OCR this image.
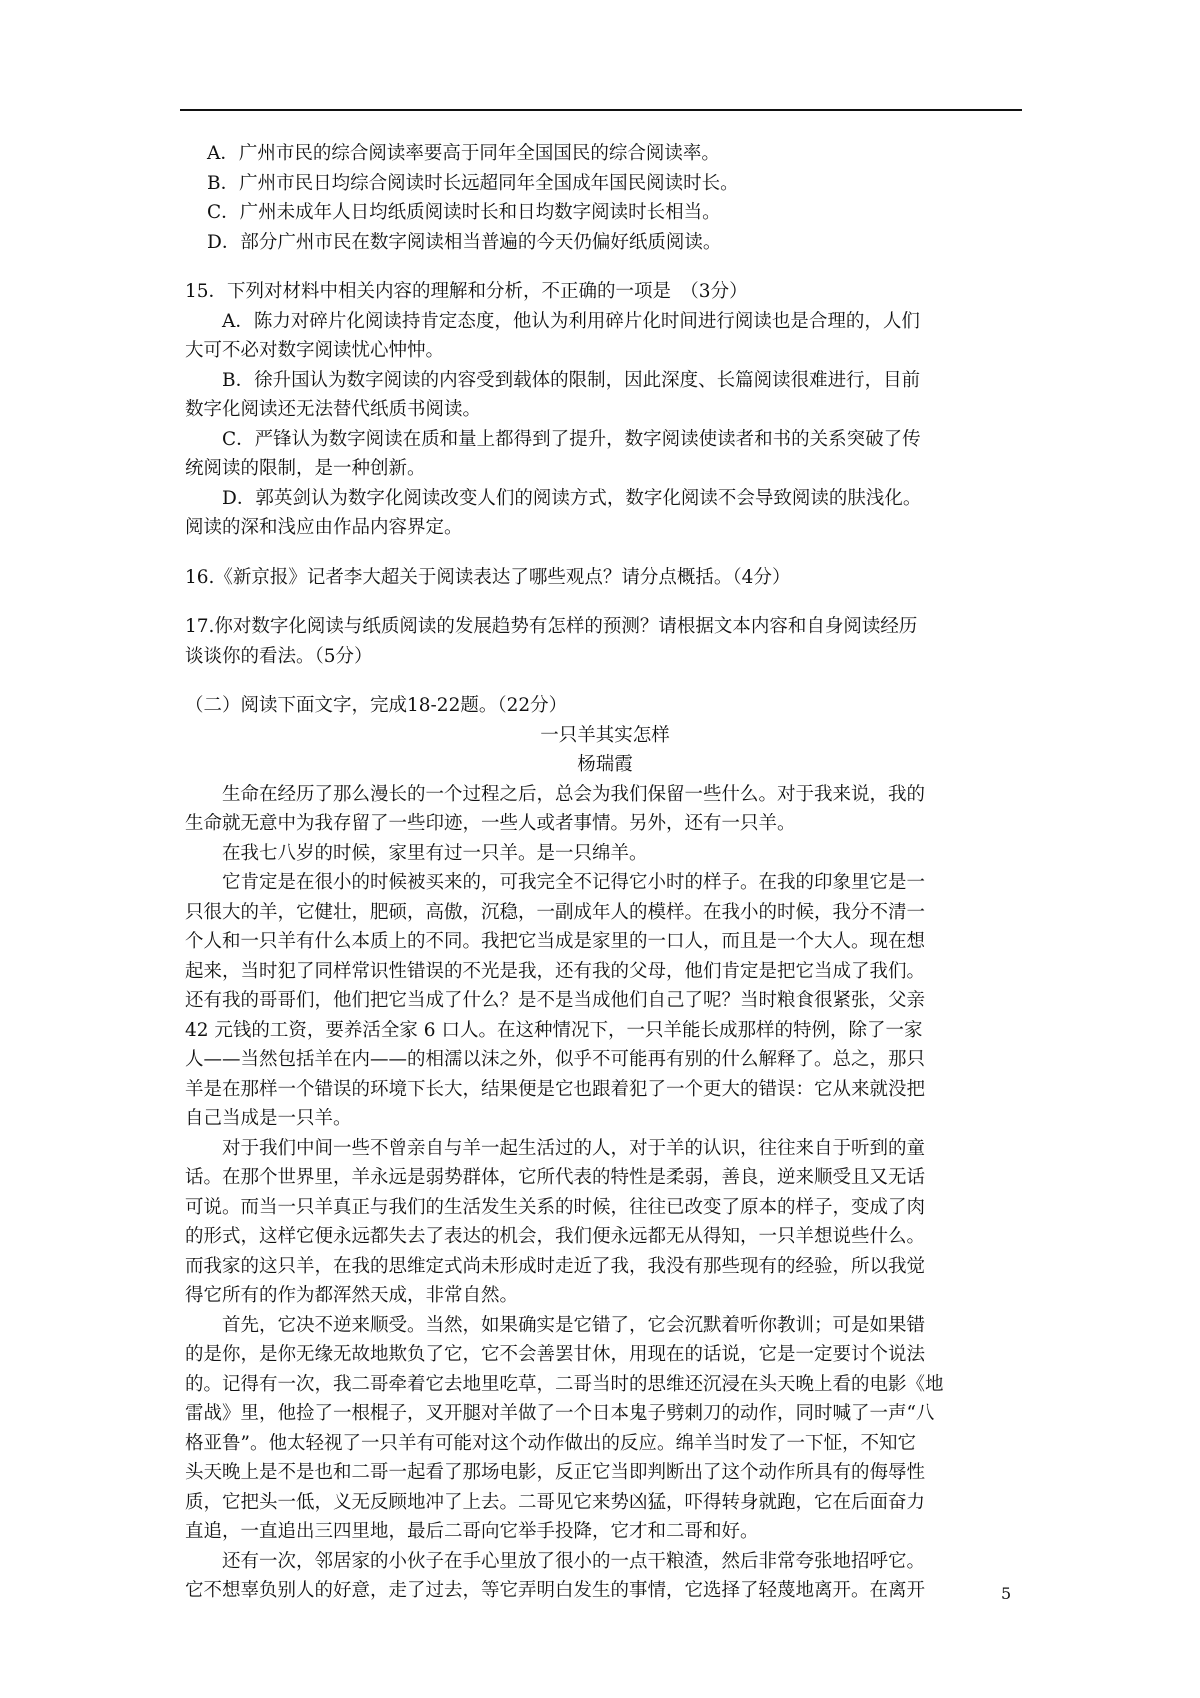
A．广州市民的综合阅读率要高于同年全国国民的综合阅读率。
B．广州市民日均综合阅读时长远超同年全国成年国民阅读时长。
C．广州未成年人日均纸质阅读时长和日均数字阅读时长相当。
D．部分广州市民在数字阅读相当普遍的今天仍偏好纸质阅读。
15．下列对材料中相关内容的理解和分析，不正确的一项是　（3分）
A．陈力对碎片化阅读持肯定态度，他认为利用碎片化时间进行阅读也是合理的，人们
大可不必对数字阅读忧心忡忡。
B．徐升国认为数字阅读的内容受到载体的限制，因此深度、长篇阅读很难进行，目前
数字化阅读还无法替代纸质书阅读。
C．严锋认为数字阅读在质和量上都得到了提升，数字阅读使读者和书的关系突破了传
统阅读的限制，是一种创新。
D．郭英剑认为数字化阅读改变人们的阅读方式，数字化阅读不会导致阅读的肤浅化。
阅读的深和浅应由作品内容界定。
16.《新京报》记者李大超关于阅读表达了哪些观点？请分点概括。（4分）
17.你对数字化阅读与纸质阅读的发展趋势有怎样的预测？请根据文本内容和自身阅读经历
谈谈你的看法。（5分）
（二）阅读下面文字，完成18-22题。（22分）
一只羊其实怎样
杨瑞霞
生命在经历了那么漫长的一个过程之后，总会为我们保留一些什么。对于我来说，我的
生命就无意中为我存留了一些印迹，一些人或者事情。另外，还有一只羊。
在我七八岁的时候，家里有过一只羊。是一只绵羊。
它肯定是在很小的时候被买来的，可我完全不记得它小时的样子。在我的印象里它是一
只很大的羊，它健壮，肥硕，高傲，沉稳，一副成年人的模样。在我小的时候，我分不清一
个人和一只羊有什么本质上的不同。我把它当成是家里的一口人，而且是一个大人。现在想
起来，当时犯了同样常识性错误的不光是我，还有我的父母，他们肯定是把它当成了我们。
还有我的哥哥们，他们把它当成了什么？是不是当成他们自己了呢？当时粮食很紧张，父亲
42 元钱的工资，要养活全家 6 口人。在这种情况下，一只羊能长成那样的特例，除了一家
人——当然包括羊在内——的相濡以沫之外，似乎不可能再有别的什么解释了。总之，那只
羊是在那样一个错误的环境下长大，结果便是它也跟着犯了一个更大的错误：它从来就没把
自己当成是一只羊。
对于我们中间一些不曾亲自与羊一起生活过的人，对于羊的认识，往往来自于听到的童
话。在那个世界里，羊永远是弱势群体，它所代表的特性是柔弱，善良，逆来顺受且又无话
可说。而当一只羊真正与我们的生活发生关系的时候，往往已改变了原本的样子，变成了肉
的形式，这样它便永远都失去了表达的机会，我们便永远都无从得知，一只羊想说些什么。
而我家的这只羊，在我的思维定式尚未形成时走近了我，我没有那些现有的经验，所以我觉
得它所有的作为都浑然天成，非常自然。
首先，它决不逆来顺受。当然，如果确实是它错了，它会沉默着听你教训；可是如果错
的是你，是你无缘无故地欺负了它，它不会善罢甘休，用现在的话说，它是一定要讨个说法
的。记得有一次，我二哥牵着它去地里吃草，二哥当时的思维还沉浸在头天晚上看的电影《地
雷战》里，他捡了一根棍子，叉开腿对羊做了一个日本鬼子劈刺刀的动作，同时喊了一声“八
格亚鲁”。他太轻视了一只羊有可能对这个动作做出的反应。绵羊当时发了一下怔，不知它
头天晚上是不是也和二哥一起看了那场电影，反正它当即判断出了这个动作所具有的侮辱性
质，它把头一低，义无反顾地冲了上去。二哥见它来势凶猛，吓得转身就跑，它在后面奋力
直追，一直追出三四里地，最后二哥向它举手投降，它才和二哥和好。
还有一次，邻居家的小伙子在手心里放了很小的一点干粮渣，然后非常夸张地招呼它。
它不想辜负别人的好意，走了过去，等它弄明白发生的事情，它选择了轻蔑地离开。在离开	5
